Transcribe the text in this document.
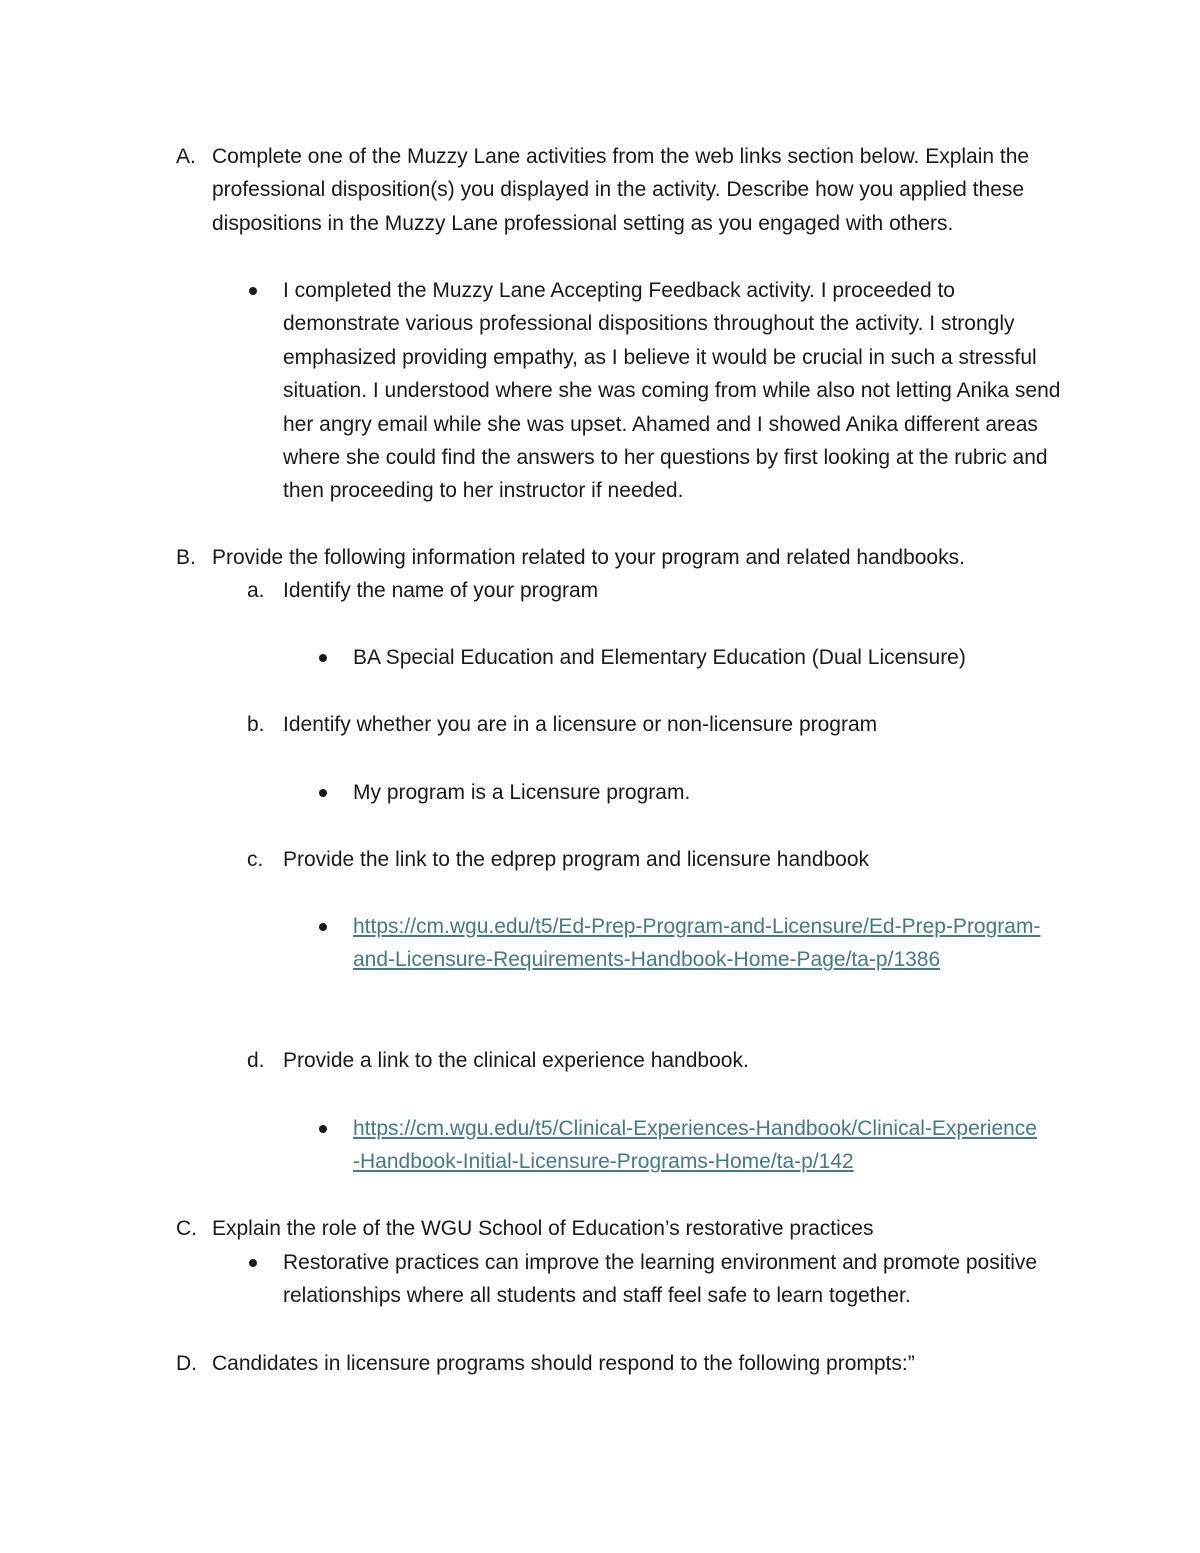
A. Complete one of the Muzzy Lane activities from the web links section below. Explain the professional disposition(s) you displayed in the activity. Describe how you applied these dispositions in the Muzzy Lane professional setting as you engaged with others.
I completed the Muzzy Lane Accepting Feedback activity. I proceeded to demonstrate various professional dispositions throughout the activity. I strongly emphasized providing empathy, as I believe it would be crucial in such a stressful situation. I understood where she was coming from while also not letting Anika send her angry email while she was upset. Ahamed and I showed Anika different areas where she could find the answers to her questions by first looking at the rubric and then proceeding to her instructor if needed.
B. Provide the following information related to your program and related handbooks.
a. Identify the name of your program
BA Special Education and Elementary Education (Dual Licensure)
b. Identify whether you are in a licensure or non-licensure program
My program is a Licensure program.
c. Provide the link to the edprep program and licensure handbook
https://cm.wgu.edu/t5/Ed-Prep-Program-and-Licensure/Ed-Prep-Program-and-Licensure-Requirements-Handbook-Home-Page/ta-p/1386
d. Provide a link to the clinical experience handbook.
https://cm.wgu.edu/t5/Clinical-Experiences-Handbook/Clinical-Experience-Handbook-Initial-Licensure-Programs-Home/ta-p/142
C. Explain the role of the WGU School of Education’s restorative practices
Restorative practices can improve the learning environment and promote positive relationships where all students and staff feel safe to learn together.
D. Candidates in licensure programs should respond to the following prompts:”
